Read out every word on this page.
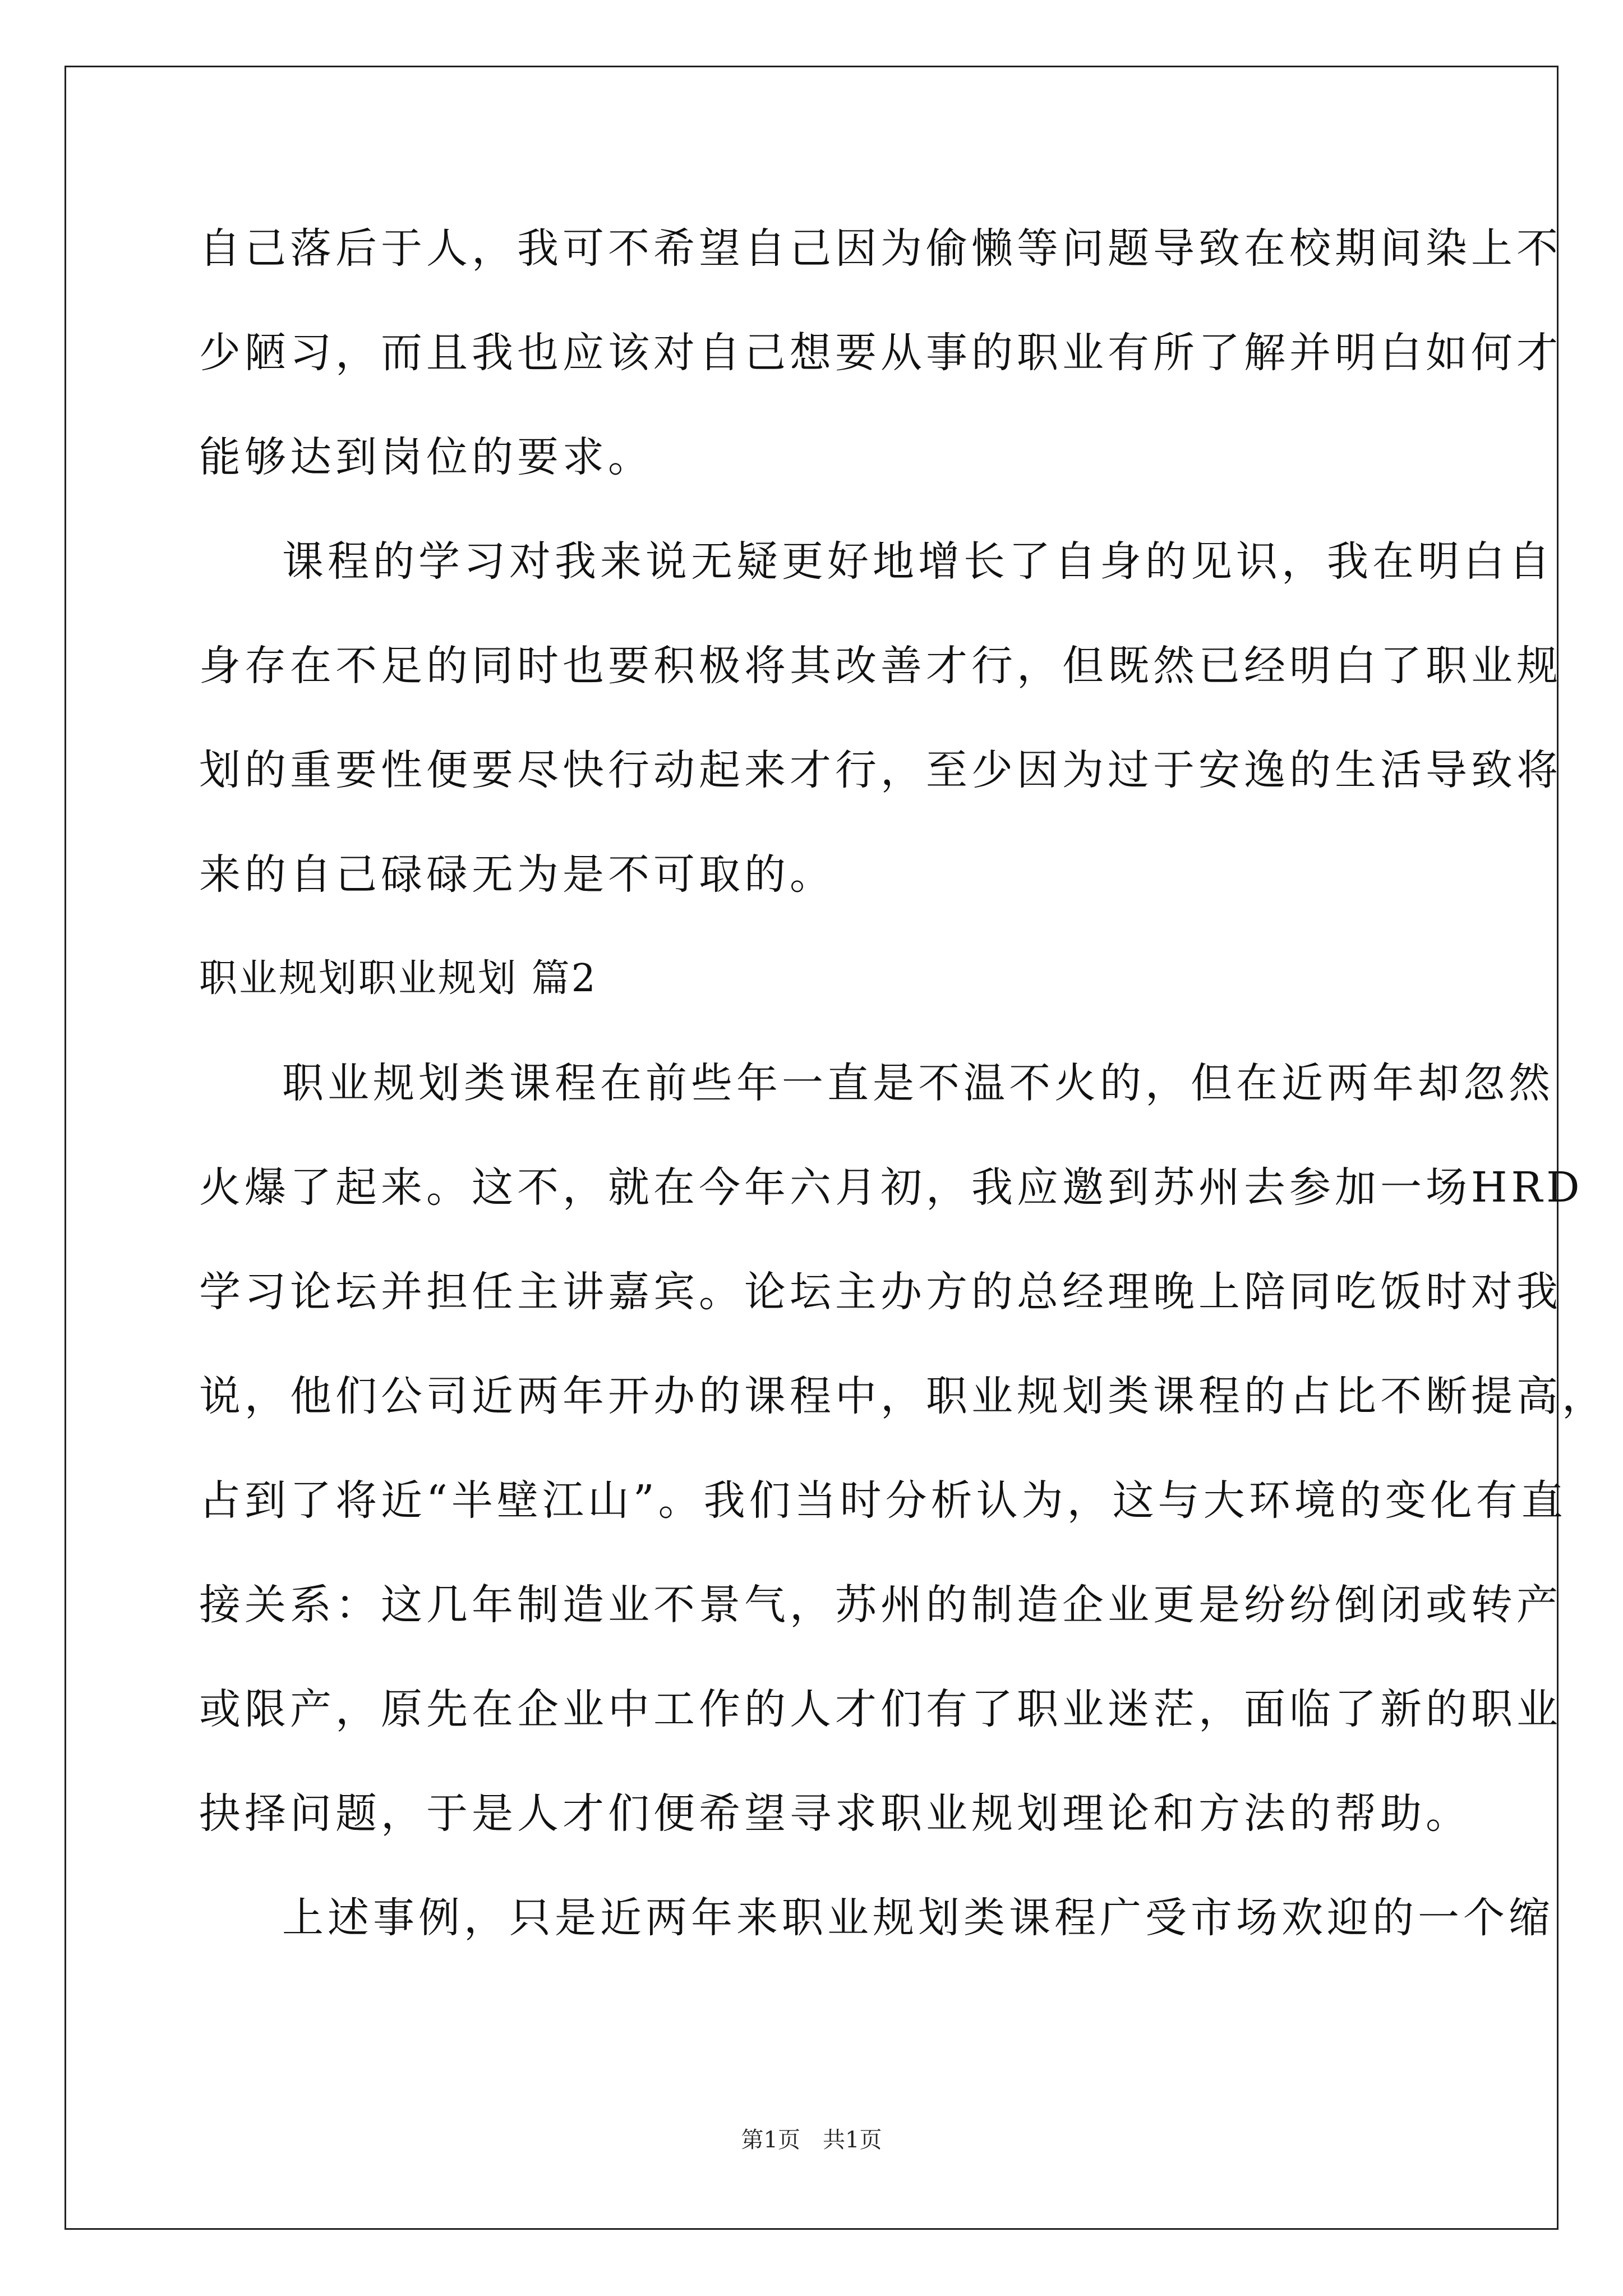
自己落后于人，我可不希望自己因为偷懒等问题导致在校期间染上不
少陋习，而且我也应该对自己想要从事的职业有所了解并明白如何才
能够达到岗位的要求。
课程的学习对我来说无疑更好地增长了自身的见识，我在明白自
身存在不足的同时也要积极将其改善才行，但既然已经明白了职业规
划的重要性便要尽快行动起来才行，至少因为过于安逸的生活导致将
来的自己碌碌无为是不可取的。
职业规划职业规划 篇2
职业规划类课程在前些年一直是不温不火的，但在近两年却忽然
火爆了起来。这不，就在今年六月初，我应邀到苏州去参加一场HRD
学习论坛并担任主讲嘉宾。论坛主办方的总经理晚上陪同吃饭时对我
说，他们公司近两年开办的课程中，职业规划类课程的占比不断提高，
占到了将近“半壁江山”。我们当时分析认为，这与大环境的变化有直
接关系：这几年制造业不景气，苏州的制造企业更是纷纷倒闭或转产
或限产，原先在企业中工作的人才们有了职业迷茫，面临了新的职业
抉择问题，于是人才们便希望寻求职业规划理论和方法的帮助。
上述事例，只是近两年来职业规划类课程广受市场欢迎的一个缩
第1页　共1页
